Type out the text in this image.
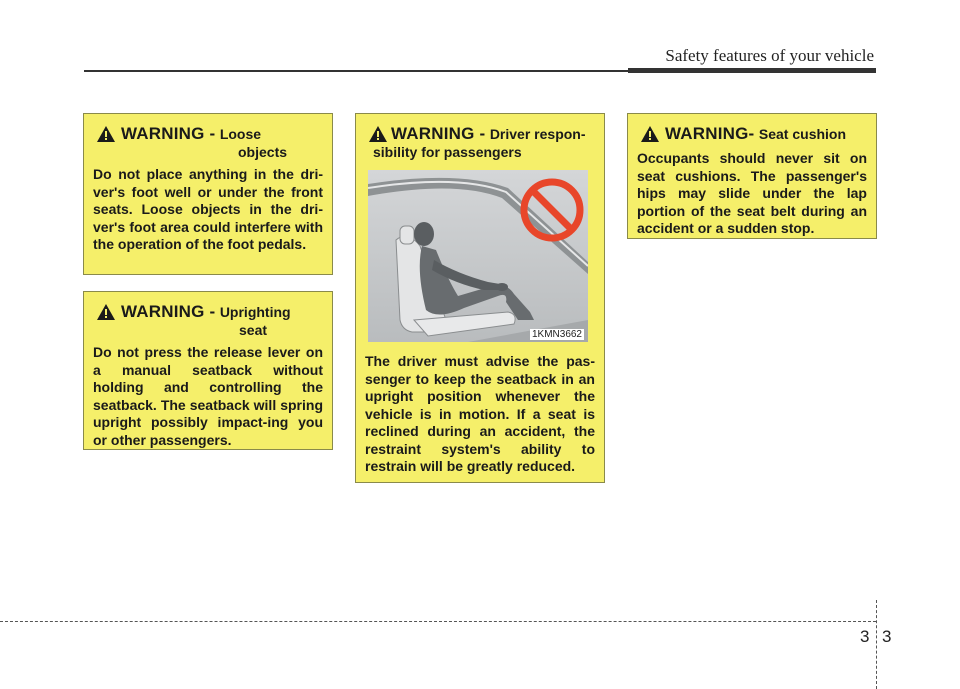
Safety features of your vehicle
WARNING - Loose
objects
Do not place anything in the dri-ver's foot well or under the front seats. Loose objects in the dri-ver's foot area could interfere with the operation of the foot pedals.
WARNING - Uprighting
seat
Do not press the release lever on a manual seatback without holding and controlling the seatback. The seatback will spring upright possibly impact-ing you or other passengers.
WARNING - Driver respon-
sibility for passengers
1KMN3662
The driver must advise the pas-senger to keep the seatback in an upright position whenever the vehicle is in motion. If a seat is reclined during an accident, the restraint system's ability to restrain will be greatly reduced.
WARNING- Seat cushion
Occupants should never sit on seat cushions. The passenger's hips may slide under the lap portion of the seat belt during an accident or a sudden stop.
3 3
